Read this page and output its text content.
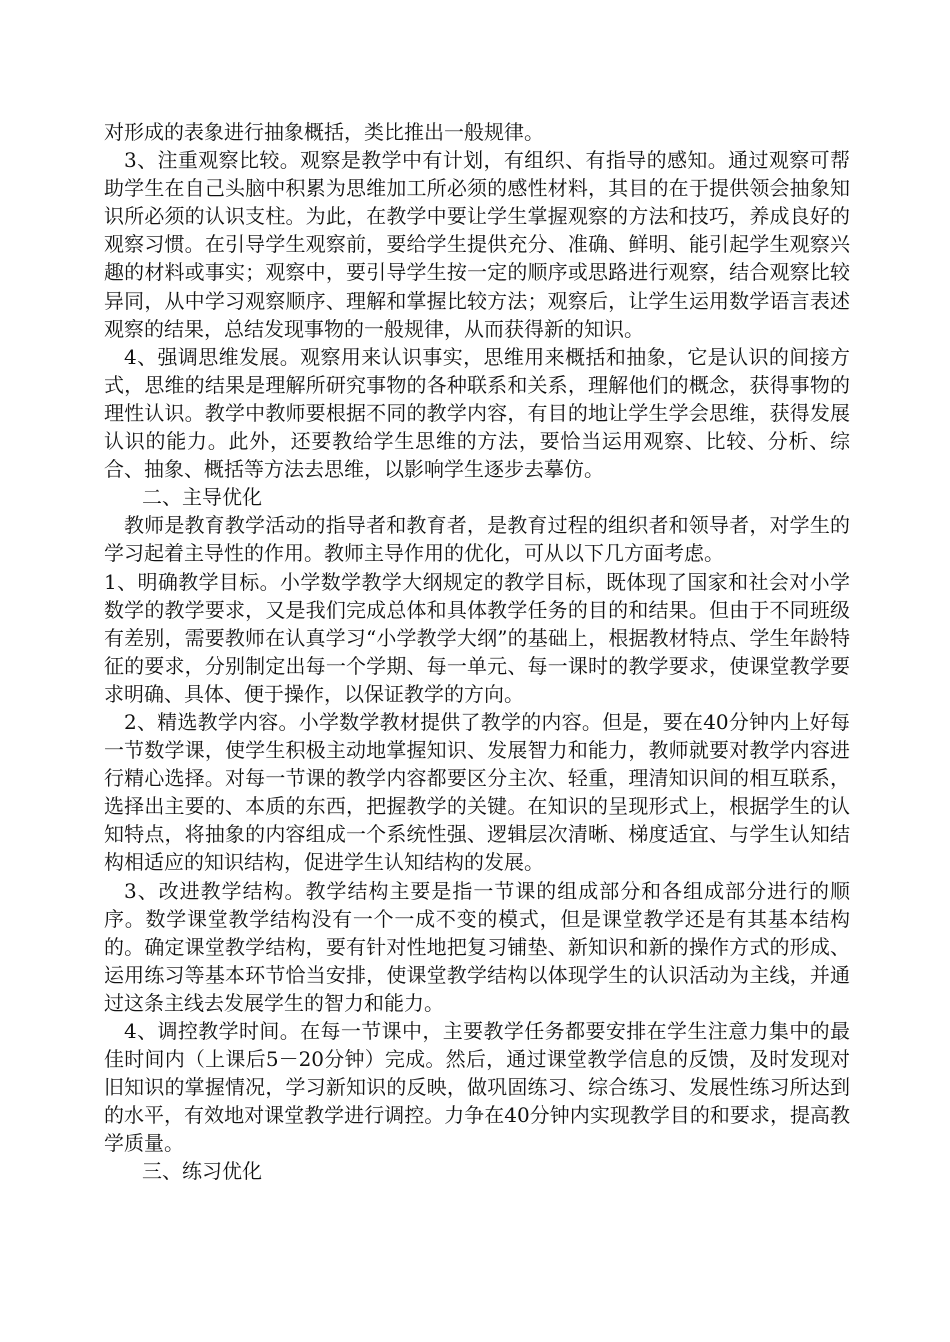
对形成的表象进行抽象概括，类比推出一般规律。

3、注重观察比较。观察是教学中有计划，有组织、有指导的感知。通过观察可帮助学生在自己头脑中积累为思维加工所必须的感性材料，其目的在于提供领会抽象知识所必须的认识支柱。为此，在教学中要让学生掌握观察的方法和技巧，养成良好的观察习惯。在引导学生观察前，要给学生提供充分、准确、鲜明、能引起学生观察兴趣的材料或事实；观察中，要引导学生按一定的顺序或思路进行观察，结合观察比较异同，从中学习观察顺序、理解和掌握比较方法；观察后，让学生运用数学语言表述观察的结果，总结发现事物的一般规律，从而获得新的知识。

4、强调思维发展。观察用来认识事实，思维用来概括和抽象，它是认识的间接方式，思维的结果是理解所研究事物的各种联系和关系，理解他们的概念，获得事物的理性认识。教学中教师要根据不同的教学内容，有目的地让学生学会思维，获得发展认识的能力。此外，还要教给学生思维的方法，要恰当运用观察、比较、分析、综合、抽象、概括等方法去思维，以影响学生逐步去摹仿。

二、主导优化

教师是教育教学活动的指导者和教育者，是教育过程的组织者和领导者，对学生的学习起着主导性的作用。教师主导作用的优化，可从以下几方面考虑。

1、明确教学目标。小学数学教学大纲规定的教学目标，既体现了国家和社会对小学数学的教学要求，又是我们完成总体和具体教学任务的目的和结果。但由于不同班级有差别，需要教师在认真学习“小学教学大纲”的基础上，根据教材特点、学生年龄特征的要求，分别制定出每一个学期、每一单元、每一课时的教学要求，使课堂教学要求明确、具体、便于操作，以保证教学的方向。

2、精选教学内容。小学数学教材提供了教学的内容。但是，要在40分钟内上好每一节数学课，使学生积极主动地掌握知识、发展智力和能力，教师就要对教学内容进行精心选择。对每一节课的教学内容都要区分主次、轻重，理清知识间的相互联系，选择出主要的、本质的东西，把握教学的关键。在知识的呈现形式上，根据学生的认知特点，将抽象的内容组成一个系统性强、逻辑层次清晰、梯度适宜、与学生认知结构相适应的知识结构，促进学生认知结构的发展。

3、改进教学结构。教学结构主要是指一节课的组成部分和各组成部分进行的顺序。数学课堂教学结构没有一个一成不变的模式，但是课堂教学还是有其基本结构的。确定课堂教学结构，要有针对性地把复习铺垫、新知识和新的操作方式的形成、运用练习等基本环节恰当安排，使课堂教学结构以体现学生的认识活动为主线，并通过这条主线去发展学生的智力和能力。

4、调控教学时间。在每一节课中，主要教学任务都要安排在学生注意力集中的最佳时间内（上课后5－20分钟）完成。然后，通过课堂教学信息的反馈，及时发现对旧知识的掌握情况，学习新知识的反映，做巩固练习、综合练习、发展性练习所达到的水平，有效地对课堂教学进行调控。力争在40分钟内实现教学目的和要求，提高教学质量。

三、练习优化
